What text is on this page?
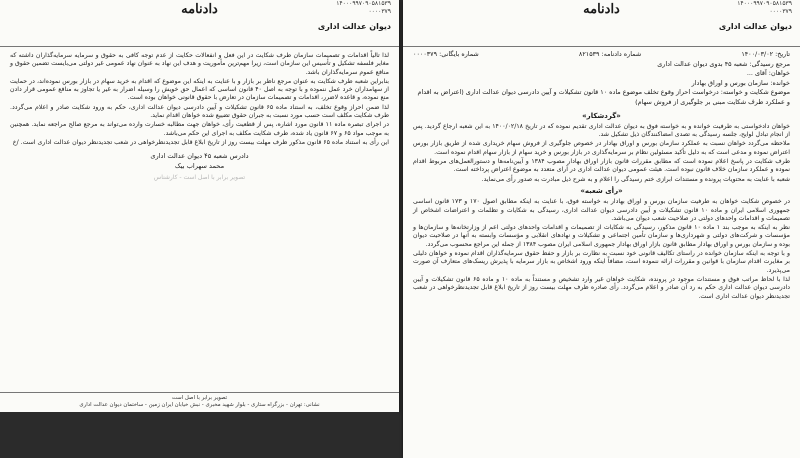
۱۴۰۰۰۹۹۷۰۹۰۵۸۱۵۳۹
۰۰۰۰۳۷۹
دادنامه
دیوان عدالت اداری
تاریخ: ۱۴۰۰/۰۳/۰۲
شماره دادنامه: ۸۲۱۵۳۹
شماره بایگانی: ۰۰۰۰۳۷۹
مرجع رسیدگی: شعبه ۴۵ بدوی دیوان عدالت اداری
خواهان: آقای ...
خوانده: سازمان بورس و اوراق بهادار
موضوع شکایت و خواسته: درخواست احراز وقوع تخلف موضوع ماده ۱۰ قانون تشکیلات و آیین دادرسی دیوان عدالت اداری (اعتراض به اقدام و عملکرد طرف شکایت مبنی بر جلوگیری از فروش سهام)
«گردشکار»

خواهان دادخواستی به طرفیت خوانده و به خواسته فوق به دیوان عدالت اداری تقدیم نموده که در تاریخ ۱۴۰۰/۰۲/۱۸ به این شعبه ارجاع گردید. پس از انجام تبادل لوایح، جلسه رسیدگی به تصدی امضاکنندگان ذیل تشکیل شد.

ملاحظه می‌گردد خواهان نسبت به عملکرد سازمان بورس و اوراق بهادار در خصوص جلوگیری از فروش سهام خریداری شده از طریق بازار بورس اعتراض نموده و مدعی است که به دلیل تأکید مسئولین نظام بر سرمایه‌گذاری در بازار بورس و خرید سهام از بازار سهام اقدام نموده است.

طرف شکایت در پاسخ اعلام نموده است که مطابق مقررات قانون بازار اوراق بهادار مصوب ۱۳۸۴ و آیین‌نامه‌ها و دستورالعمل‌های مربوط اقدام نموده و عملکرد سازمان خلاف قانون نبوده است. هیئت عمومی دیوان عدالت اداری در آرای متعدد به موضوع اعتراض پرداخته است.

شعبه با عنایت به محتویات پرونده و مستندات ابرازی ختم رسیدگی را اعلام و به شرح ذیل مبادرت به صدور رأی می‌نماید.

«رأی شعبه»

در خصوص شکایت خواهان به طرفیت سازمان بورس و اوراق بهادار به خواسته فوق، با عنایت به اینکه مطابق اصول ۱۷۰ و ۱۷۳ قانون اساسی جمهوری اسلامی ایران و ماده ۱۰ قانون تشکیلات و آیین دادرسی دیوان عدالت اداری، رسیدگی به شکایات و تظلمات و اعتراضات اشخاص از تصمیمات و اقدامات واحدهای دولتی در صلاحیت شعب دیوان می‌باشد.

نظر به اینکه به موجب بند ۱ ماده ۱۰ قانون مذکور، رسیدگی به شکایات از تصمیمات و اقدامات واحدهای دولتی اعم از وزارتخانه‌ها و سازمان‌ها و مؤسسات و شرکت‌های دولتی و شهرداری‌ها و سازمان تأمین اجتماعی و تشکیلات و نهادهای انقلابی و مؤسسات وابسته به آنها در صلاحیت دیوان بوده و سازمان بورس و اوراق بهادار مطابق قانون بازار اوراق بهادار جمهوری اسلامی ایران مصوب ۱۳۸۴ از جمله این مراجع محسوب می‌گردد.

و با توجه به اینکه سازمان خوانده در راستای تکالیف قانونی خود نسبت به نظارت بر بازار و حفظ حقوق سرمایه‌گذاران اقدام نموده و خواهان دلیلی بر مغایرت اقدام سازمان با قوانین و مقررات ارائه ننموده است، مضافاً اینکه ورود اشخاص به بازار سرمایه با پذیرش ریسک‌های متعارف آن صورت می‌پذیرد.

لذا با لحاظ مراتب فوق و مستندات موجود در پرونده، شکایت خواهان غیر وارد تشخیص و مستنداً به ماده ۱۰ و ماده ۶۵ قانون تشکیلات و آیین دادرسی دیوان عدالت اداری حکم به رد آن صادر و اعلام می‌گردد. رأی صادره ظرف مهلت بیست روز از تاریخ ابلاغ قابل تجدیدنظرخواهی در شعب تجدیدنظر دیوان عدالت اداری است.

۱۴۰۰۰۹۹۷۰۹۰۵۸۱۵۳۹
۰۰۰۰۳۷۹
دادنامه
دیوان عدالت اداری

لذا تالیاً اقدامات و تصمیمات سازمان طرف شکایت در این فعل و انفعالات حکایت از عدم توجه کافی به حقوق و سرمایه سرمایه‌گذاران داشته که مغایر فلسفه تشکیل و تأسیس این سازمان است، زیرا مهم‌ترین مأموریت و هدف این نهاد به عنوان نهاد عمومی غیر دولتی می‌بایست تضمین حقوق و منافع عموم سرمایه‌گذاران باشد.

بنابراین شعبه طرف شکایت به عنوان مرجع ناظر بر بازار و با عنایت به اینکه این موضوع که اقدام به خرید سهام در بازار بورس نموده‌اند، در حمایت از سهامداران خرد عمل ننموده و با توجه به اصل ۴۰ قانون اساسی که اعمال حق خویش را وسیله اضرار به غیر یا تجاوز به منافع عمومی قرار دادن منع نموده، و قاعده لاضرر، اقدامات و تصمیمات سازمان در تعارض با حقوق قانونی خواهان بوده است.

لذا ضمن احراز وقوع تخلف، به استناد ماده ۶۵ قانون تشکیلات و آیین دادرسی دیوان عدالت اداری، حکم به ورود شکایت صادر و اعلام می‌گردد. طرف شکایت مکلف است حسب مورد نسبت به جبران حقوق تضییع شده خواهان اقدام نماید.

در اجرای تبصره ماده ۱۱ قانون مورد اشاره، پس از قطعیت رأی، خواهان جهت مطالبه خسارت وارده می‌تواند به مرجع صالح مراجعه نماید. همچنین به موجب مواد ۶۵ و ۶۷ قانون یاد شده، طرف شکایت مکلف به اجرای این حکم می‌باشد.

این رأی به استناد ماده ۶۵ قانون مذکور ظرف مهلت بیست روز از تاریخ ابلاغ قابل تجدیدنظرخواهی در شعب تجدیدنظر دیوان عدالت اداری است. /خ

دادرس شعبه ۴۵ دیوان عدالت اداری
محمد سهراب بیک
تصویر برابر با اصل است - کارشناس
تصویر برابر با اصل است
نشانی: تهران - بزرگراه ستاری - بلوار شهید مخبری - نبش خیابان ایران زمین - ساختمان دیوان عدالت اداری
